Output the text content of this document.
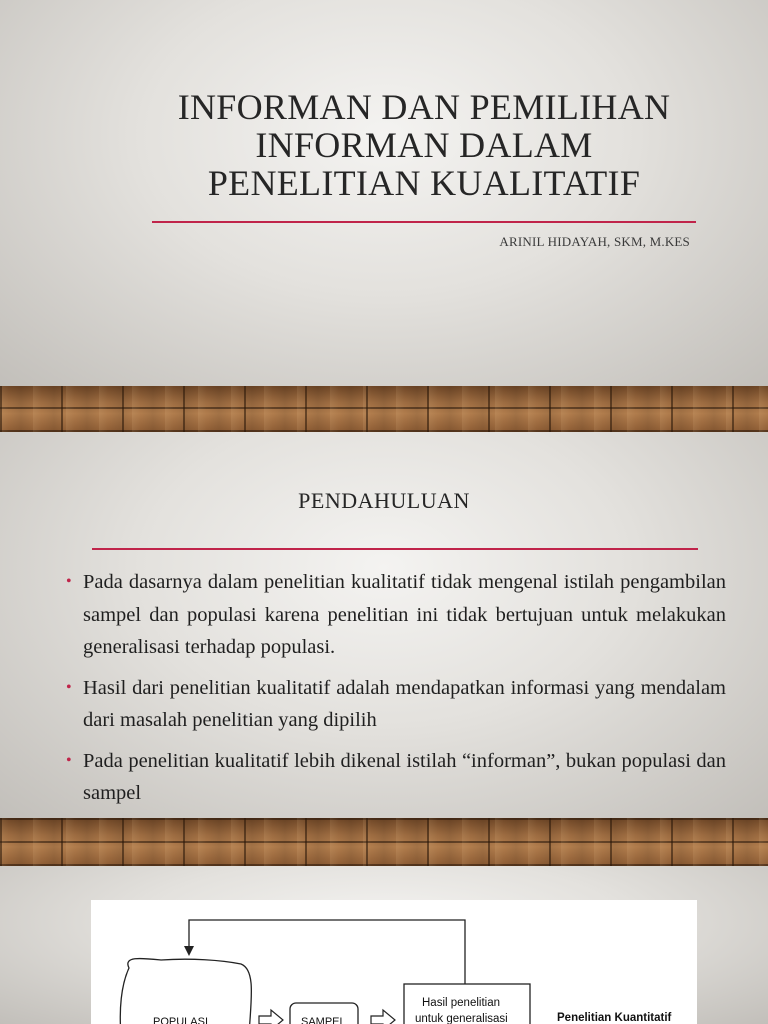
INFORMAN DAN PEMILIHAN
INFORMAN DALAM
PENELITIAN KUALITATIF
ARINIL HIDAYAH, SKM, M.KES
PENDAHULUAN
• Pada dasarnya dalam penelitian kualitatif tidak mengenal istilah pengambilan sampel dan populasi karena penelitian ini tidak bertujuan untuk melakukan generalisasi terhadap populasi.
• Hasil dari penelitian kualitatif adalah mendapatkan informasi yang mendalam dari masalah penelitian yang dipilih
• Pada penelitian kualitatif lebih dikenal istilah “informan”, bukan populasi dan sampel
POPULASI	SAMPEL
Hasil penelitian
untuk generalisasi	Penelitian Kuantitatif
